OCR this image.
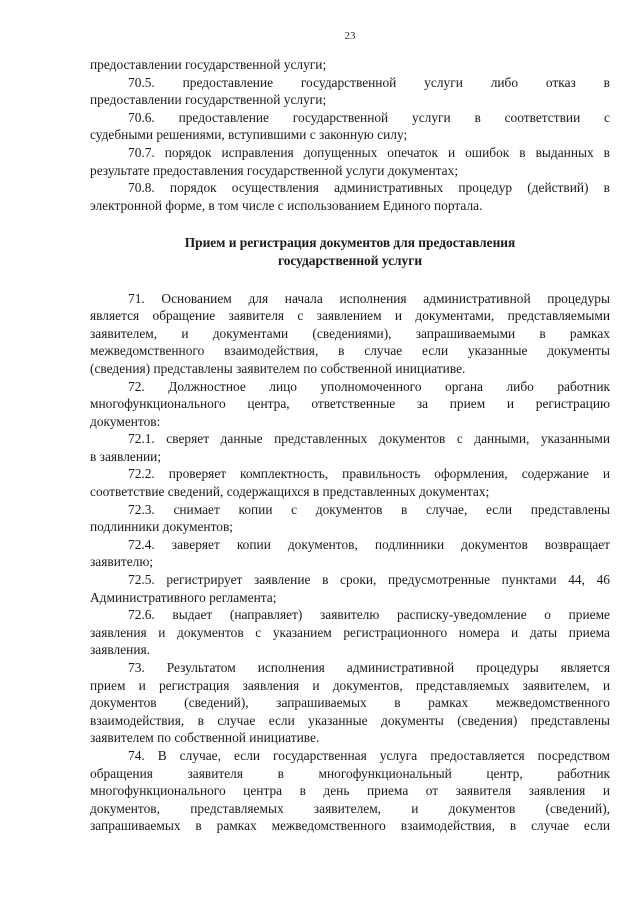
23

предоставлении государственной услуги;

70.5. предоставление государственной услуги либо отказ в

предоставлении государственной услуги;

70.6. предоставление государственной услуги в соответствии с

судебными решениями, вступившими с законную силу;

70.7. порядок исправления допущенных опечаток и ошибок в выданных в

результате предоставления государственной услуги документах;

70.8. порядок осуществления административных процедур (действий) в

электронной форме, в том числе с использованием Единого портала.

Прием и регистрация документов для предоставления

государственной услуги

71. Основанием для начала исполнения административной процедуры

является обращение заявителя с заявлением и документами, представляемыми

заявителем, и документами (сведениями), запрашиваемыми в рамках

межведомственного взаимодействия, в случае если указанные документы

(сведения) представлены заявителем по собственной инициативе.

72. Должностное лицо уполномоченного органа либо работник

многофункционального центра, ответственные за прием и регистрацию

документов:

72.1. сверяет данные представленных документов с данными, указанными

в заявлении;

72.2. проверяет комплектность, правильность оформления, содержание и

соответствие сведений, содержащихся в представленных документах;

72.3. снимает копии с документов в случае, если представлены

подлинники документов;

72.4. заверяет копии документов, подлинники документов возвращает

заявителю;

72.5. регистрирует заявление в сроки, предусмотренные пунктами 44, 46

Административного регламента;

72.6. выдает (направляет) заявителю расписку-уведомление о приеме

заявления и документов с указанием регистрационного номера и даты приема

заявления.

73. Результатом исполнения административной процедуры является

прием и регистрация заявления и документов, представляемых заявителем, и

документов (сведений), запрашиваемых в рамках межведомственного

взаимодействия, в случае если указанные документы (сведения) представлены

заявителем по собственной инициативе.

74. В случае, если государственная услуга предоставляется посредством

обращения заявителя в многофункциональный центр, работник

многофункционального центра в день приема от заявителя заявления и

документов, представляемых заявителем, и документов (сведений),

запрашиваемых в рамках межведомственного взаимодействия, в случае если
